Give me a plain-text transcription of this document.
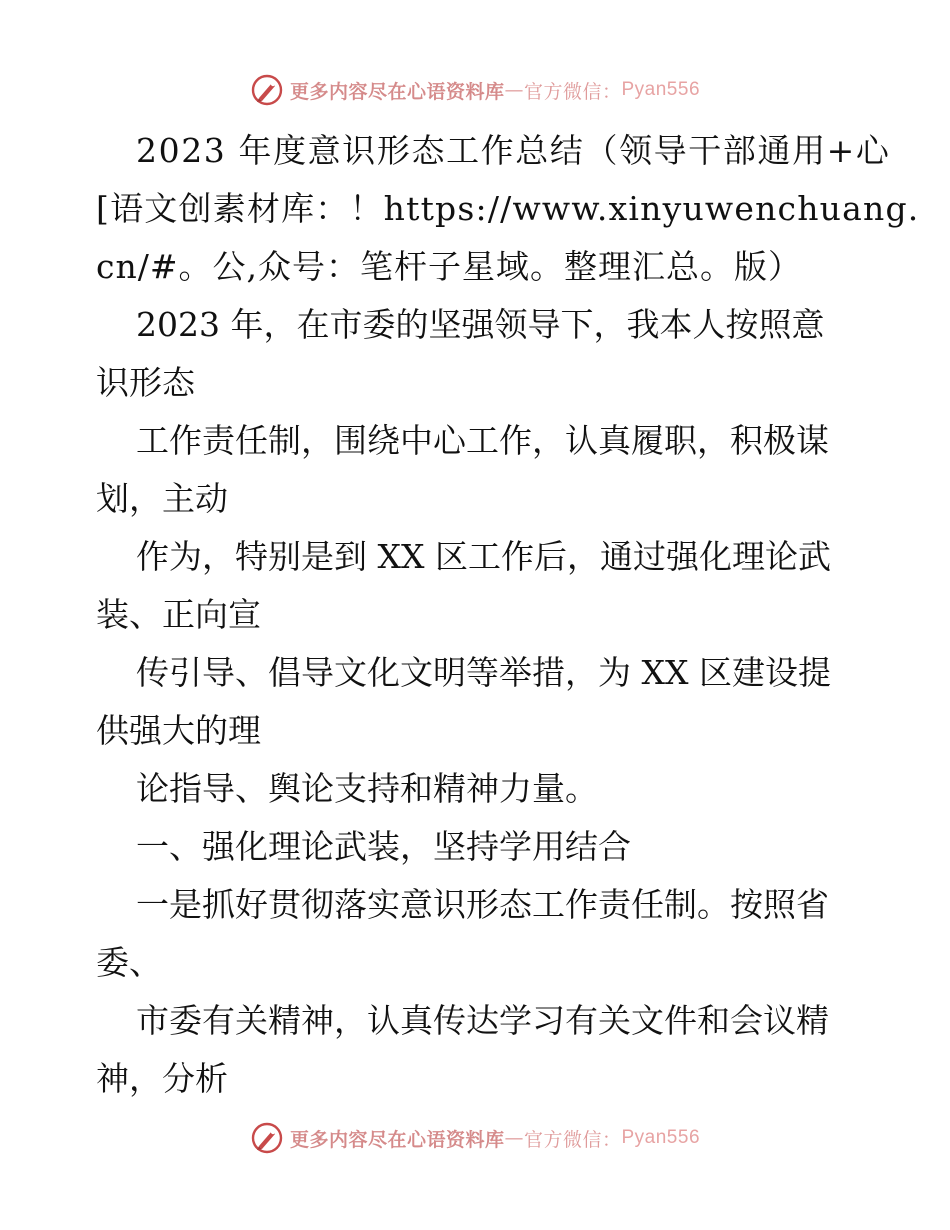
更多内容尽在心语资料库 — 官方微信： Pyan556
2023 年度意识形态工作总结（领导干部通用+心
[语文创素材库：！https://www.xinyuwenchuang.
cn/#。公,众号：笔杆子星域。整理汇总。版）
2023 年，在市委的坚强领导下，我本人按照意
识形态
工作责任制，围绕中心工作，认真履职，积极谋
划，主动
作为，特别是到 XX 区工作后，通过强化理论武
装、正向宣
传引导、倡导文化文明等举措，为 XX 区建设提
供强大的理
论指导、舆论支持和精神力量。
一、强化理论武装，坚持学用结合
一是抓好贯彻落实意识形态工作责任制。按照省
委、
市委有关精神，认真传达学习有关文件和会议精
神，分析
更多内容尽在心语资料库 — 官方微信： Pyan556
